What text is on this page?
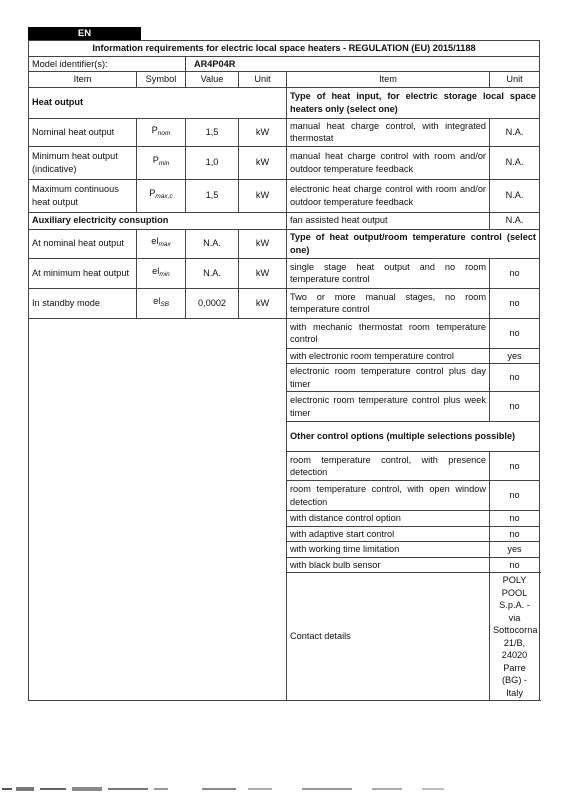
EN
Information requirements for electric local space heaters - REGULATION (EU) 2015/1188					
Model identifier(s):		AR4P04R			
Item	Symbol	Value	Unit	Item	Unit
Heat output				Type of heat input, for electric storage local space heaters only (select one)	
Nominal heat output	$P_{nom}$	1,5	kW	manual heat charge control, with integrated thermostat	N.A.
Minimum heat output (indicative)	$P_{min}$	1,0	kW	manual heat charge control with room and/or outdoor temperature feedback	N.A.
Maximum continuous heat output	$P_{max,c}$	1,5	kW	electronic heat charge control with room and/or outdoor temperature feedback	N.A.
Auxiliary electricity consuption				fan assisted heat output	N.A.
At nominal heat output	$el_{max}$	N.A.	kW	Type of heat output/room temperature control (select one)	
At minimum heat output	$el_{min}$	N.A.	kW	single stage heat output and no room temperature control	no
In standby mode	$el_{SB}$	0,0002	kW	Two or more manual stages, no room temperature control	no
				with mechanic thermostat room temperature control	no
				with electronic room temperature control	yes
				electronic room temperature control plus day timer	no
				electronic room temperature control plus week timer	no
				Other control options (multiple selections possible)	
				room temperature control, with presence detection	no
				room temperature control, with open window detection	no
				with distance control option	no
				with adaptive start control	no
				with working time limitation	yes
				with black bulb sensor	no
				Contact details	POLY POOL S.p.A. - via Sottocorna 21/B, 24020 Parre (BG) - Italy
